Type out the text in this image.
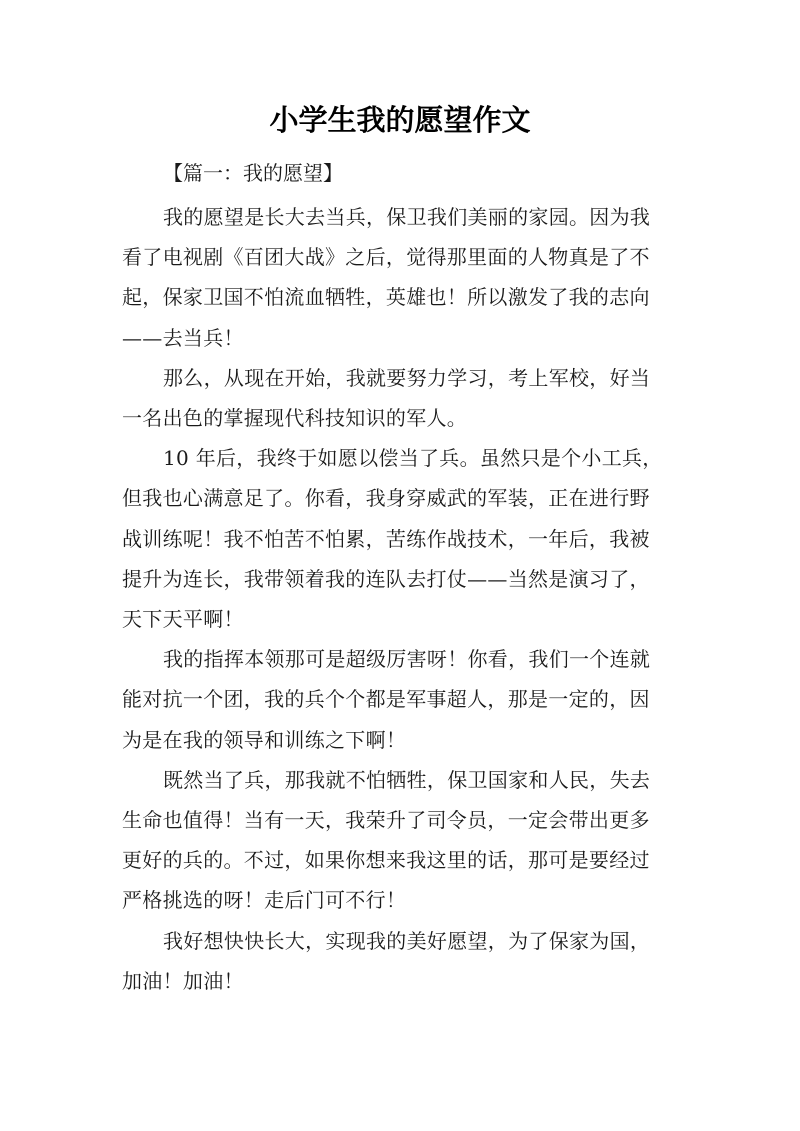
小学生我的愿望作文
【篇一：我的愿望】

我的愿望是长大去当兵，保卫我们美丽的家园。因为我
看了电视剧《百团大战》之后，觉得那里面的人物真是了不
起，保家卫国不怕流血牺牲，英雄也！所以激发了我的志向
——去当兵！

那么，从现在开始，我就要努力学习，考上军校，好当
一名出色的掌握现代科技知识的军人。

10 年后，我终于如愿以偿当了兵。虽然只是个小工兵，
但我也心满意足了。你看，我身穿威武的军装，正在进行野
战训练呢！我不怕苦不怕累，苦练作战技术，一年后，我被
提升为连长，我带领着我的连队去打仗——当然是演习了，
天下天平啊！

我的指挥本领那可是超级厉害呀！你看，我们一个连就
能对抗一个团，我的兵个个都是军事超人，那是一定的，因
为是在我的领导和训练之下啊！

既然当了兵，那我就不怕牺牲，保卫国家和人民，失去
生命也值得！当有一天，我荣升了司令员，一定会带出更多
更好的兵的。不过，如果你想来我这里的话，那可是要经过
严格挑选的呀！走后门可不行！

我好想快快长大，实现我的美好愿望，为了保家为国，
加油！加油！
